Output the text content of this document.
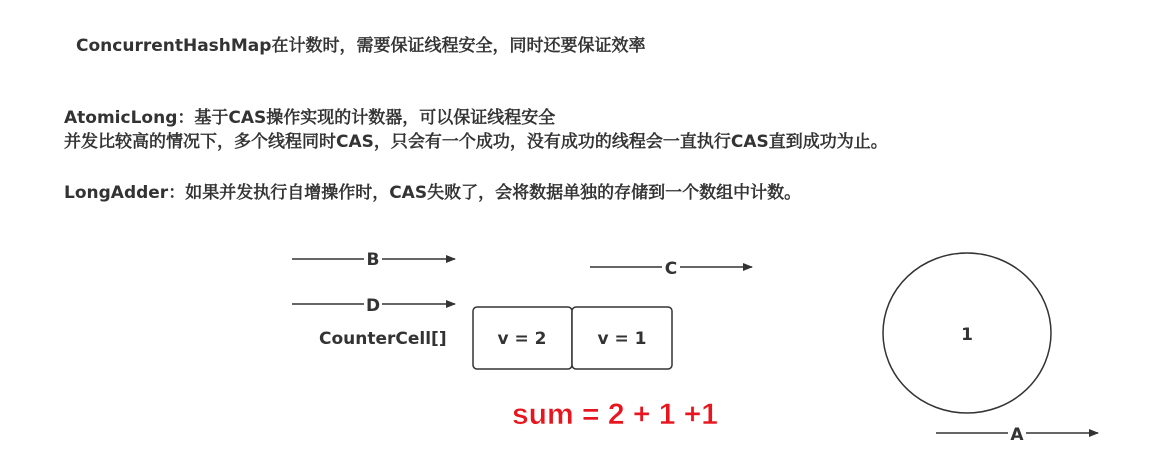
ConcurrentHashMap在计数时，需要保证线程安全，同时还要保证效率
AtomicLong：基于CAS操作实现的计数器，可以保证线程安全
并发比较高的情况下，多个线程同时CAS，只会有一个成功，没有成功的线程会一直执行CAS直到成功为止。
LongAdder：如果并发执行自增操作时，CAS失败了，会将数据单独的存储到一个数组中计数。
B	C
D
CounterCell[]	v = 2	v = 1
sum = 2 + 1 +1
1
A
